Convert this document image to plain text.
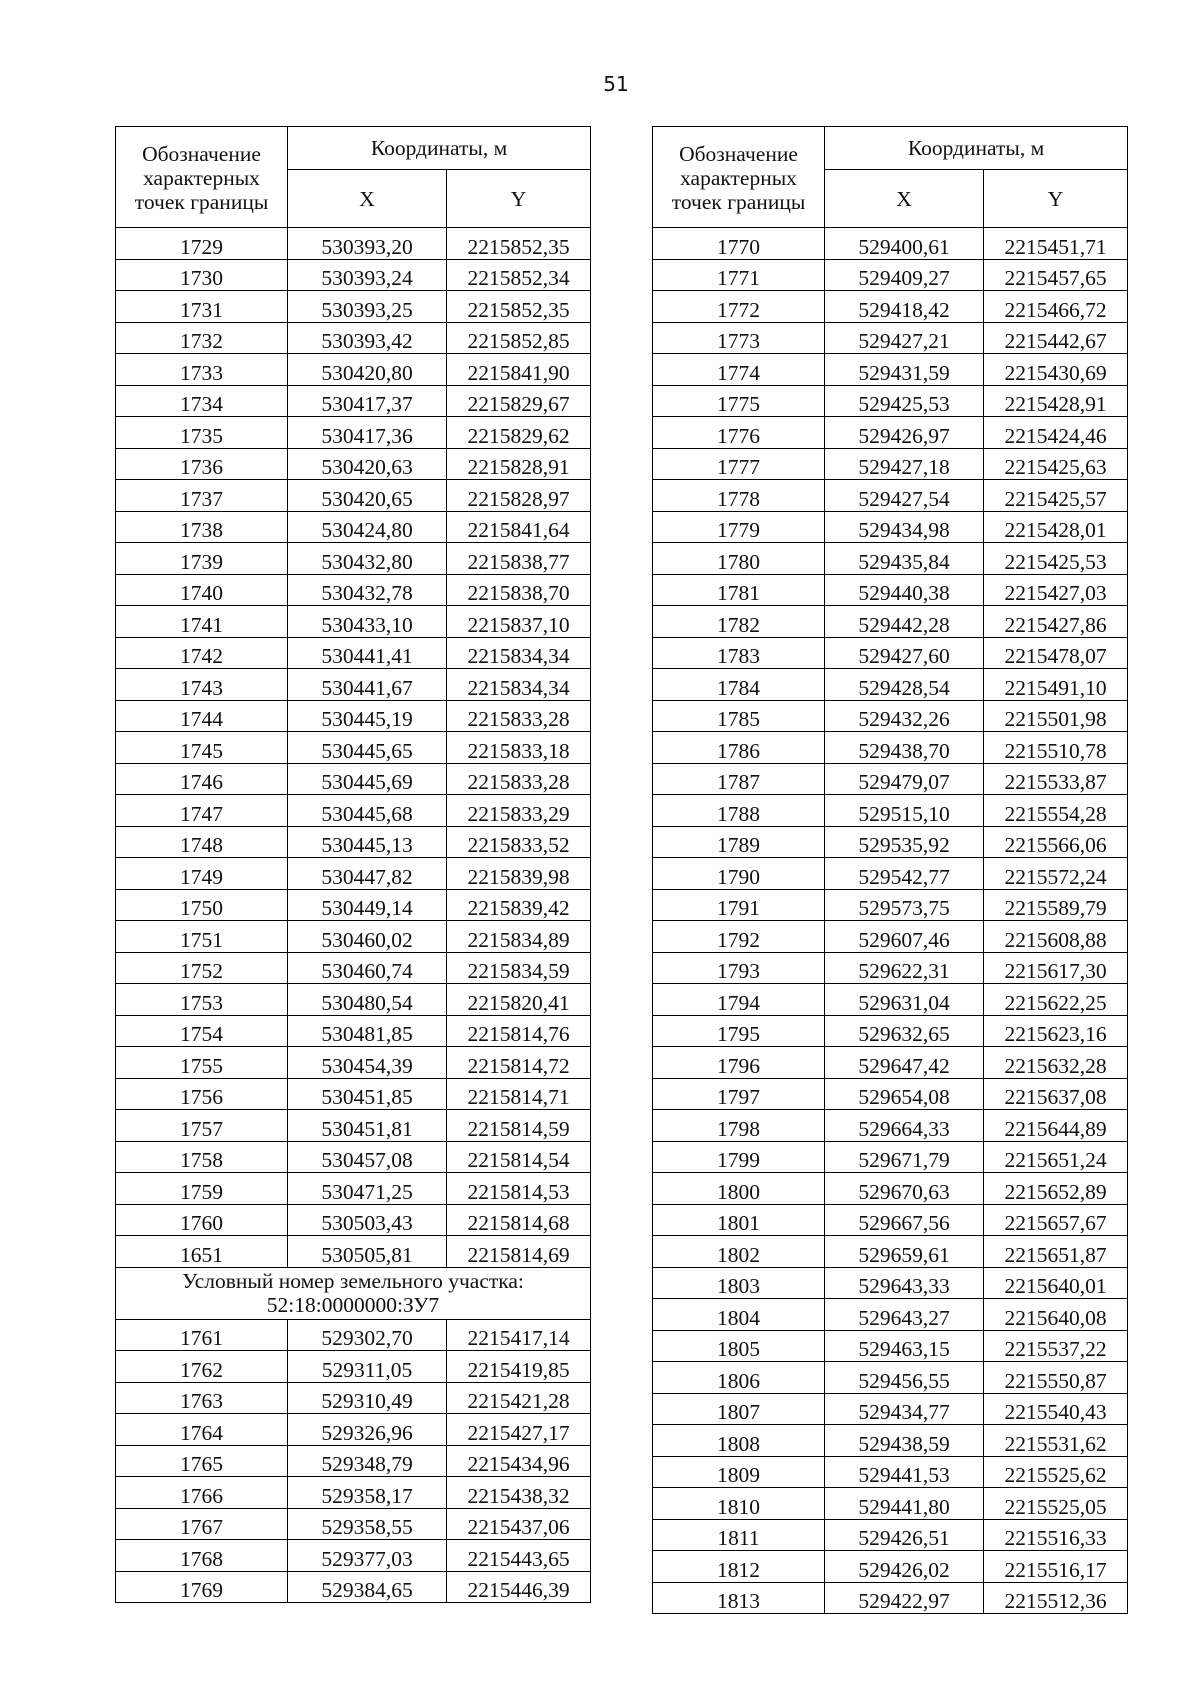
51
Обозначение
характерных
точек границы	Координаты, м	
	X	Y
1729	530393,20	2215852,35
1730	530393,24	2215852,34
1731	530393,25	2215852,35
1732	530393,42	2215852,85
1733	530420,80	2215841,90
1734	530417,37	2215829,67
1735	530417,36	2215829,62
1736	530420,63	2215828,91
1737	530420,65	2215828,97
1738	530424,80	2215841,64
1739	530432,80	2215838,77
1740	530432,78	2215838,70
1741	530433,10	2215837,10
1742	530441,41	2215834,34
1743	530441,67	2215834,34
1744	530445,19	2215833,28
1745	530445,65	2215833,18
1746	530445,69	2215833,28
1747	530445,68	2215833,29
1748	530445,13	2215833,52
1749	530447,82	2215839,98
1750	530449,14	2215839,42
1751	530460,02	2215834,89
1752	530460,74	2215834,59
1753	530480,54	2215820,41
1754	530481,85	2215814,76
1755	530454,39	2215814,72
1756	530451,85	2215814,71
1757	530451,81	2215814,59
1758	530457,08	2215814,54
1759	530471,25	2215814,53
1760	530503,43	2215814,68
1651	530505,81	2215814,69

Условный номер земельного участка:
52:18:0000000:ЗУ7		

1761	529302,70	2215417,14
1762	529311,05	2215419,85
1763	529310,49	2215421,28
1764	529326,96	2215427,17
1765	529348,79	2215434,96
1766	529358,17	2215438,32
1767	529358,55	2215437,06
1768	529377,03	2215443,65
1769	529384,65	2215446,39
Обозначение
характерных
точек границы	Координаты, м	
	X	Y
1770	529400,61	2215451,71
1771	529409,27	2215457,65
1772	529418,42	2215466,72
1773	529427,21	2215442,67
1774	529431,59	2215430,69
1775	529425,53	2215428,91
1776	529426,97	2215424,46
1777	529427,18	2215425,63
1778	529427,54	2215425,57
1779	529434,98	2215428,01
1780	529435,84	2215425,53
1781	529440,38	2215427,03
1782	529442,28	2215427,86
1783	529427,60	2215478,07
1784	529428,54	2215491,10
1785	529432,26	2215501,98
1786	529438,70	2215510,78
1787	529479,07	2215533,87
1788	529515,10	2215554,28
1789	529535,92	2215566,06
1790	529542,77	2215572,24
1791	529573,75	2215589,79
1792	529607,46	2215608,88
1793	529622,31	2215617,30
1794	529631,04	2215622,25
1795	529632,65	2215623,16
1796	529647,42	2215632,28
1797	529654,08	2215637,08
1798	529664,33	2215644,89
1799	529671,79	2215651,24
1800	529670,63	2215652,89
1801	529667,56	2215657,67
1802	529659,61	2215651,87
1803	529643,33	2215640,01
1804	529643,27	2215640,08
1805	529463,15	2215537,22
1806	529456,55	2215550,87
1807	529434,77	2215540,43
1808	529438,59	2215531,62
1809	529441,53	2215525,62
1810	529441,80	2215525,05
1811	529426,51	2215516,33
1812	529426,02	2215516,17
1813	529422,97	2215512,36
